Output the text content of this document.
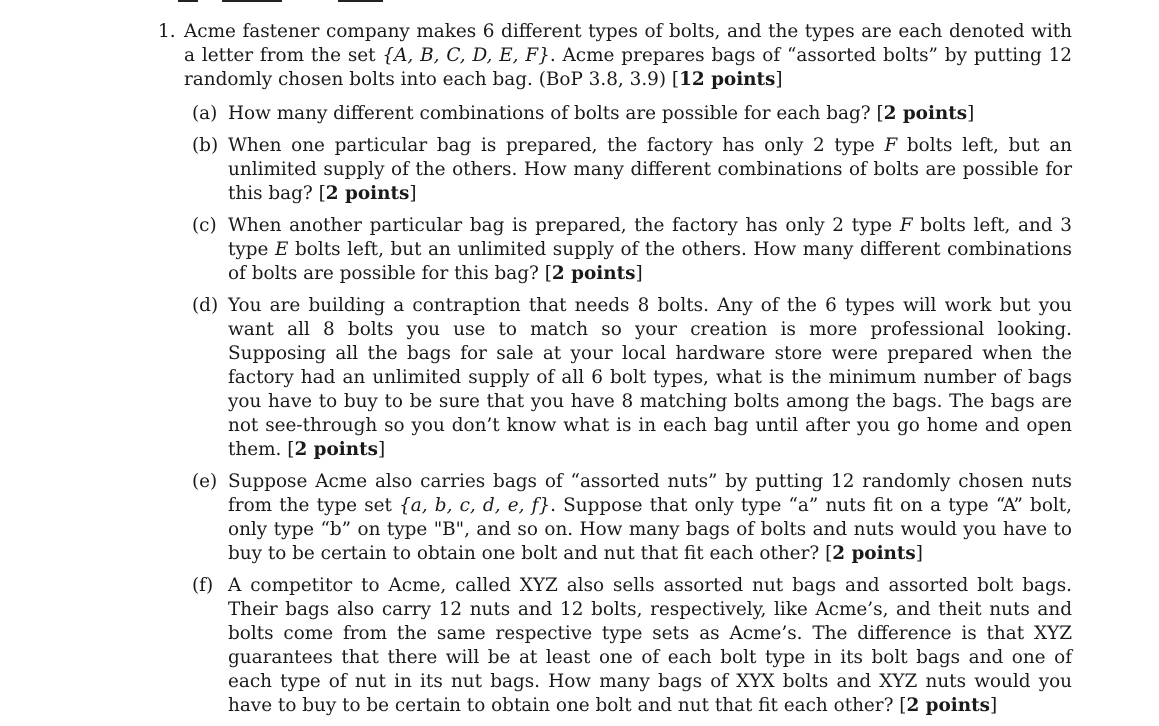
1. Acme fastener company makes 6 different types of bolts, and the types are each denoted with a letter from the set {A, B, C, D, E, F}. Acme prepares bags of “assorted bolts” by putting 12 randomly chosen bolts into each bag. (BoP 3.8, 3.9) [12 points]
(a) How many different combinations of bolts are possible for each bag? [2 points]
(b) When one particular bag is prepared, the factory has only 2 type F bolts left, but an unlimited supply of the others. How many different combinations of bolts are possible for this bag? [2 points]
(c) When another particular bag is prepared, the factory has only 2 type F bolts left, and 3 type E bolts left, but an unlimited supply of the others. How many different combinations of bolts are possible for this bag? [2 points]
(d) You are building a contraption that needs 8 bolts. Any of the 6 types will work but you want all 8 bolts you use to match so your creation is more professional looking. Supposing all the bags for sale at your local hardware store were prepared when the factory had an unlimited supply of all 6 bolt types, what is the minimum number of bags you have to buy to be sure that you have 8 matching bolts among the bags. The bags are not see-through so you don’t know what is in each bag until after you go home and open them. [2 points]
(e) Suppose Acme also carries bags of “assorted nuts” by putting 12 randomly chosen nuts from the type set {a, b, c, d, e, f}. Suppose that only type “a” nuts fit on a type “A” bolt, only type “b” on type "B", and so on. How many bags of bolts and nuts would you have to buy to be certain to obtain one bolt and nut that fit each other? [2 points]
(f) A competitor to Acme, called XYZ also sells assorted nut bags and assorted bolt bags. Their bags also carry 12 nuts and 12 bolts, respectively, like Acme’s, and theit nuts and bolts come from the same respective type sets as Acme’s. The difference is that XYZ guarantees that there will be at least one of each bolt type in its bolt bags and one of each type of nut in its nut bags. How many bags of XYX bolts and XYZ nuts would you have to buy to be certain to obtain one bolt and nut that fit each other? [2 points]
